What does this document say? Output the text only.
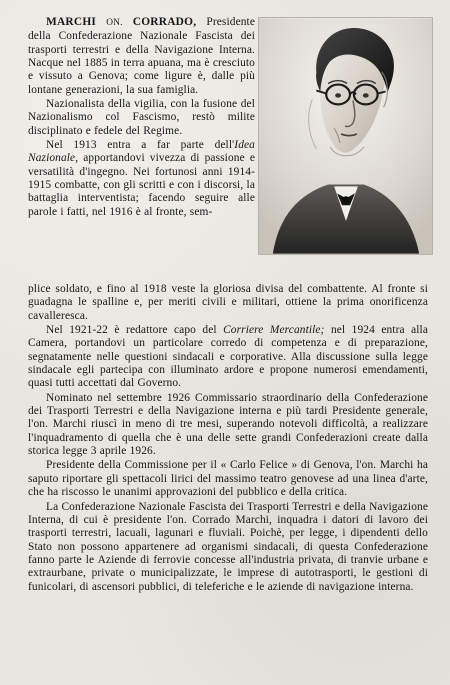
MARCHI ON. CORRADO, Presidente della Confederazione Nazionale Fascista dei trasporti terrestri e della Navigazione Interna. Nacque nel 1885 in terra apuana, ma è cresciuto e vissuto a Genova; come ligure è, dalle più lontane generazioni, la sua famiglia.

Nazionalista della vigilia, con la fusione del Nazionalismo col Fascismo, restò milite disciplinato e fedele del Regime.

Nel 1913 entra a far parte dell'Idea Nazionale, apportandovi vivezza di passione e versatilità d'ingegno. Nei fortunosi anni 1914-1915 combatte, con gli scritti e con i discorsi, la battaglia interventista; facendo seguire alle parole i fatti, nel 1916 è al fronte, sem-

plice soldato, e fino al 1918 veste la gloriosa divisa del combattente. Al fronte si guadagna le spalline e, per meriti civili e militari, ottiene la prima onorificenza cavalleresca.

Nel 1921-22 è redattore capo del Corriere Mercantile; nel 1924 entra alla Camera, portandovi un particolare corredo di competenza e di preparazione, segnatamente nelle questioni sindacali e corporative. Alla discussione sulla legge sindacale egli partecipa con illuminato ardore e propone numerosi emendamenti, quasi tutti accettati dal Governo.

Nominato nel settembre 1926 Commissario straordinario della Confederazione dei Trasporti Terrestri e della Navigazione interna e più tardi Presidente generale, l'on. Marchi riuscì in meno di tre mesi, superando notevoli difficoltà, a realizzare l'inquadramento di quella che è una delle sette grandi Confederazioni create dalla storica legge 3 aprile 1926.

Presidente della Commissione per il « Carlo Felice » di Genova, l'on. Marchi ha saputo riportare gli spettacoli lirici del massimo teatro genovese ad una linea d'arte, che ha riscosso le unanimi approvazioni del pubblico e della critica.

La Confederazione Nazionale Fascista dei Trasporti Terrestri e della Navigazione Interna, di cui è presidente l'on. Corrado Marchi, inquadra i datori di lavoro dei trasporti terrestri, lacuali, lagunari e fluviali. Poichè, per legge, i dipendenti dello Stato non possono appartenere ad organismi sindacali, di questa Confederazione fanno parte le Aziende di ferrovie concesse all'industria privata, di tranvie urbane e extraurbane, private o municipalizzate, le imprese di autotrasporti, le gestioni di funicolari, di ascensori pubblici, di teleferiche e le aziende di navigazione interna.
